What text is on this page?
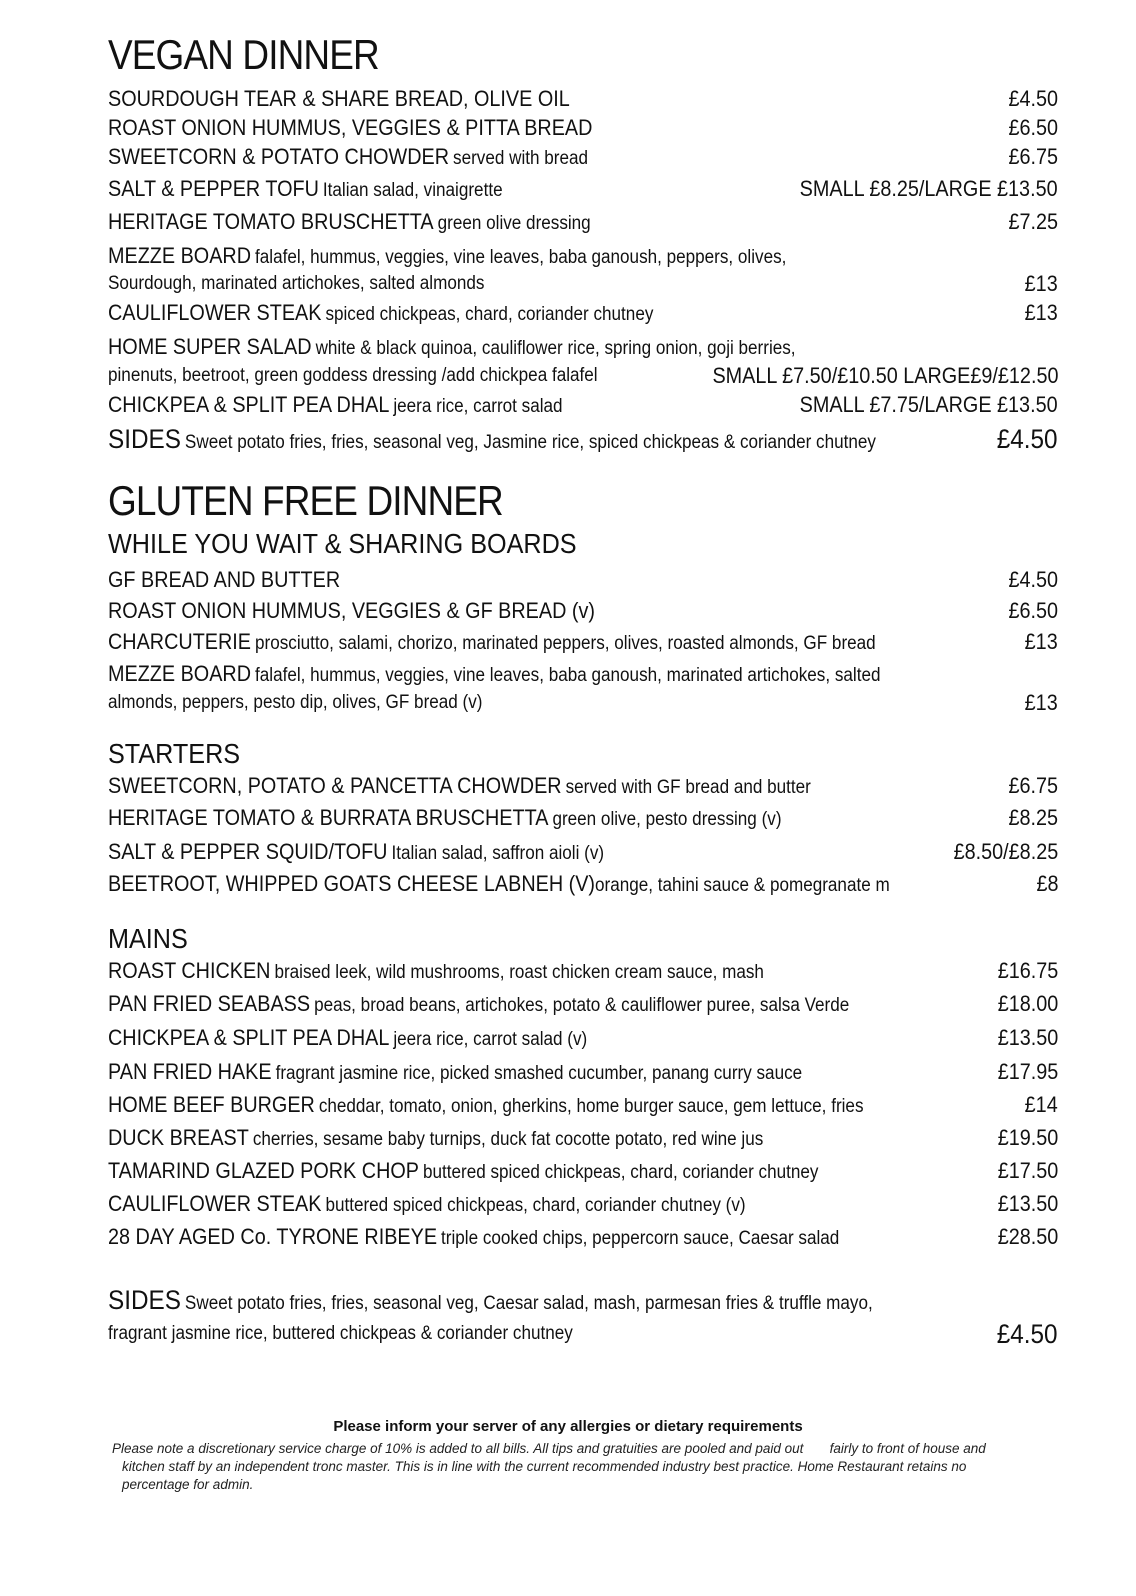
VEGAN DINNER
SOURDOUGH TEAR & SHARE BREAD, OLIVE OIL	£4.50
ROAST ONION HUMMUS, VEGGIES & PITTA BREAD	£6.50
SWEETCORN & POTATO CHOWDER served with bread	£6.75
SALT & PEPPER TOFU Italian salad, vinaigrette	SMALL £8.25/LARGE £13.50
HERITAGE TOMATO BRUSCHETTA green olive dressing	£7.25
MEZZE BOARD falafel, hummus, veggies, vine leaves, baba ganoush, peppers, olives,
Sourdough, marinated artichokes, salted almonds	£13
CAULIFLOWER STEAK spiced chickpeas, chard, coriander chutney	£13
HOME SUPER SALAD white & black quinoa, cauliflower rice, spring onion, goji berries,
pinenuts, beetroot, green goddess dressing /add chickpea falafel	SMALL £7.50/£10.50 LARGE£9/£12.50
CHICKPEA & SPLIT PEA DHAL jeera rice, carrot salad	SMALL £7.75/LARGE £13.50
SIDES Sweet potato fries, fries, seasonal veg, Jasmine rice, spiced chickpeas & coriander chutney	£4.50
GLUTEN FREE DINNER
WHILE YOU WAIT & SHARING BOARDS
GF BREAD AND BUTTER	£4.50
ROAST ONION HUMMUS, VEGGIES & GF BREAD (v)	£6.50
CHARCUTERIE prosciutto, salami, chorizo, marinated peppers, olives, roasted almonds, GF bread	£13
MEZZE BOARD falafel, hummus, veggies, vine leaves, baba ganoush, marinated artichokes, salted
almonds, peppers, pesto dip, olives, GF bread (v)	£13
STARTERS
SWEETCORN, POTATO & PANCETTA CHOWDER served with GF bread and butter	£6.75
HERITAGE TOMATO & BURRATA BRUSCHETTA green olive, pesto dressing (v)	£8.25
SALT & PEPPER SQUID/TOFU Italian salad, saffron aioli (v)	£8.50/£8.25
BEETROOT, WHIPPED GOATS CHEESE LABNEH (V)orange, tahini sauce & pomegranate m	£8
MAINS
ROAST CHICKEN braised leek, wild mushrooms, roast chicken cream sauce, mash	£16.75
PAN FRIED SEABASS peas, broad beans, artichokes, potato & cauliflower puree, salsa Verde	£18.00
CHICKPEA & SPLIT PEA DHAL jeera rice, carrot salad (v)	£13.50
PAN FRIED HAKE fragrant jasmine rice, picked smashed cucumber, panang curry sauce	£17.95
HOME BEEF BURGER cheddar, tomato, onion, gherkins, home burger sauce, gem lettuce, fries	£14
DUCK BREAST cherries, sesame baby turnips, duck fat cocotte potato, red wine jus	£19.50
TAMARIND GLAZED PORK CHOP buttered spiced chickpeas, chard, coriander chutney	£17.50
CAULIFLOWER STEAK buttered spiced chickpeas, chard, coriander chutney (v)	£13.50
28 DAY AGED Co. TYRONE RIBEYE triple cooked chips, peppercorn sauce, Caesar salad	£28.50
SIDES Sweet potato fries, fries, seasonal veg, Caesar salad, mash, parmesan fries & truffle mayo,
fragrant jasmine rice, buttered chickpeas & coriander chutney	£4.50
Please inform your server of any allergies or dietary requirements
Please note a discretionary service charge of 10% is added to all bills. All tips and gratuities are pooled and paid out       fairly to front of house and
kitchen staff by an independent tronc master. This is in line with the current recommended industry best practice. Home Restaurant retains no
percentage for admin.
